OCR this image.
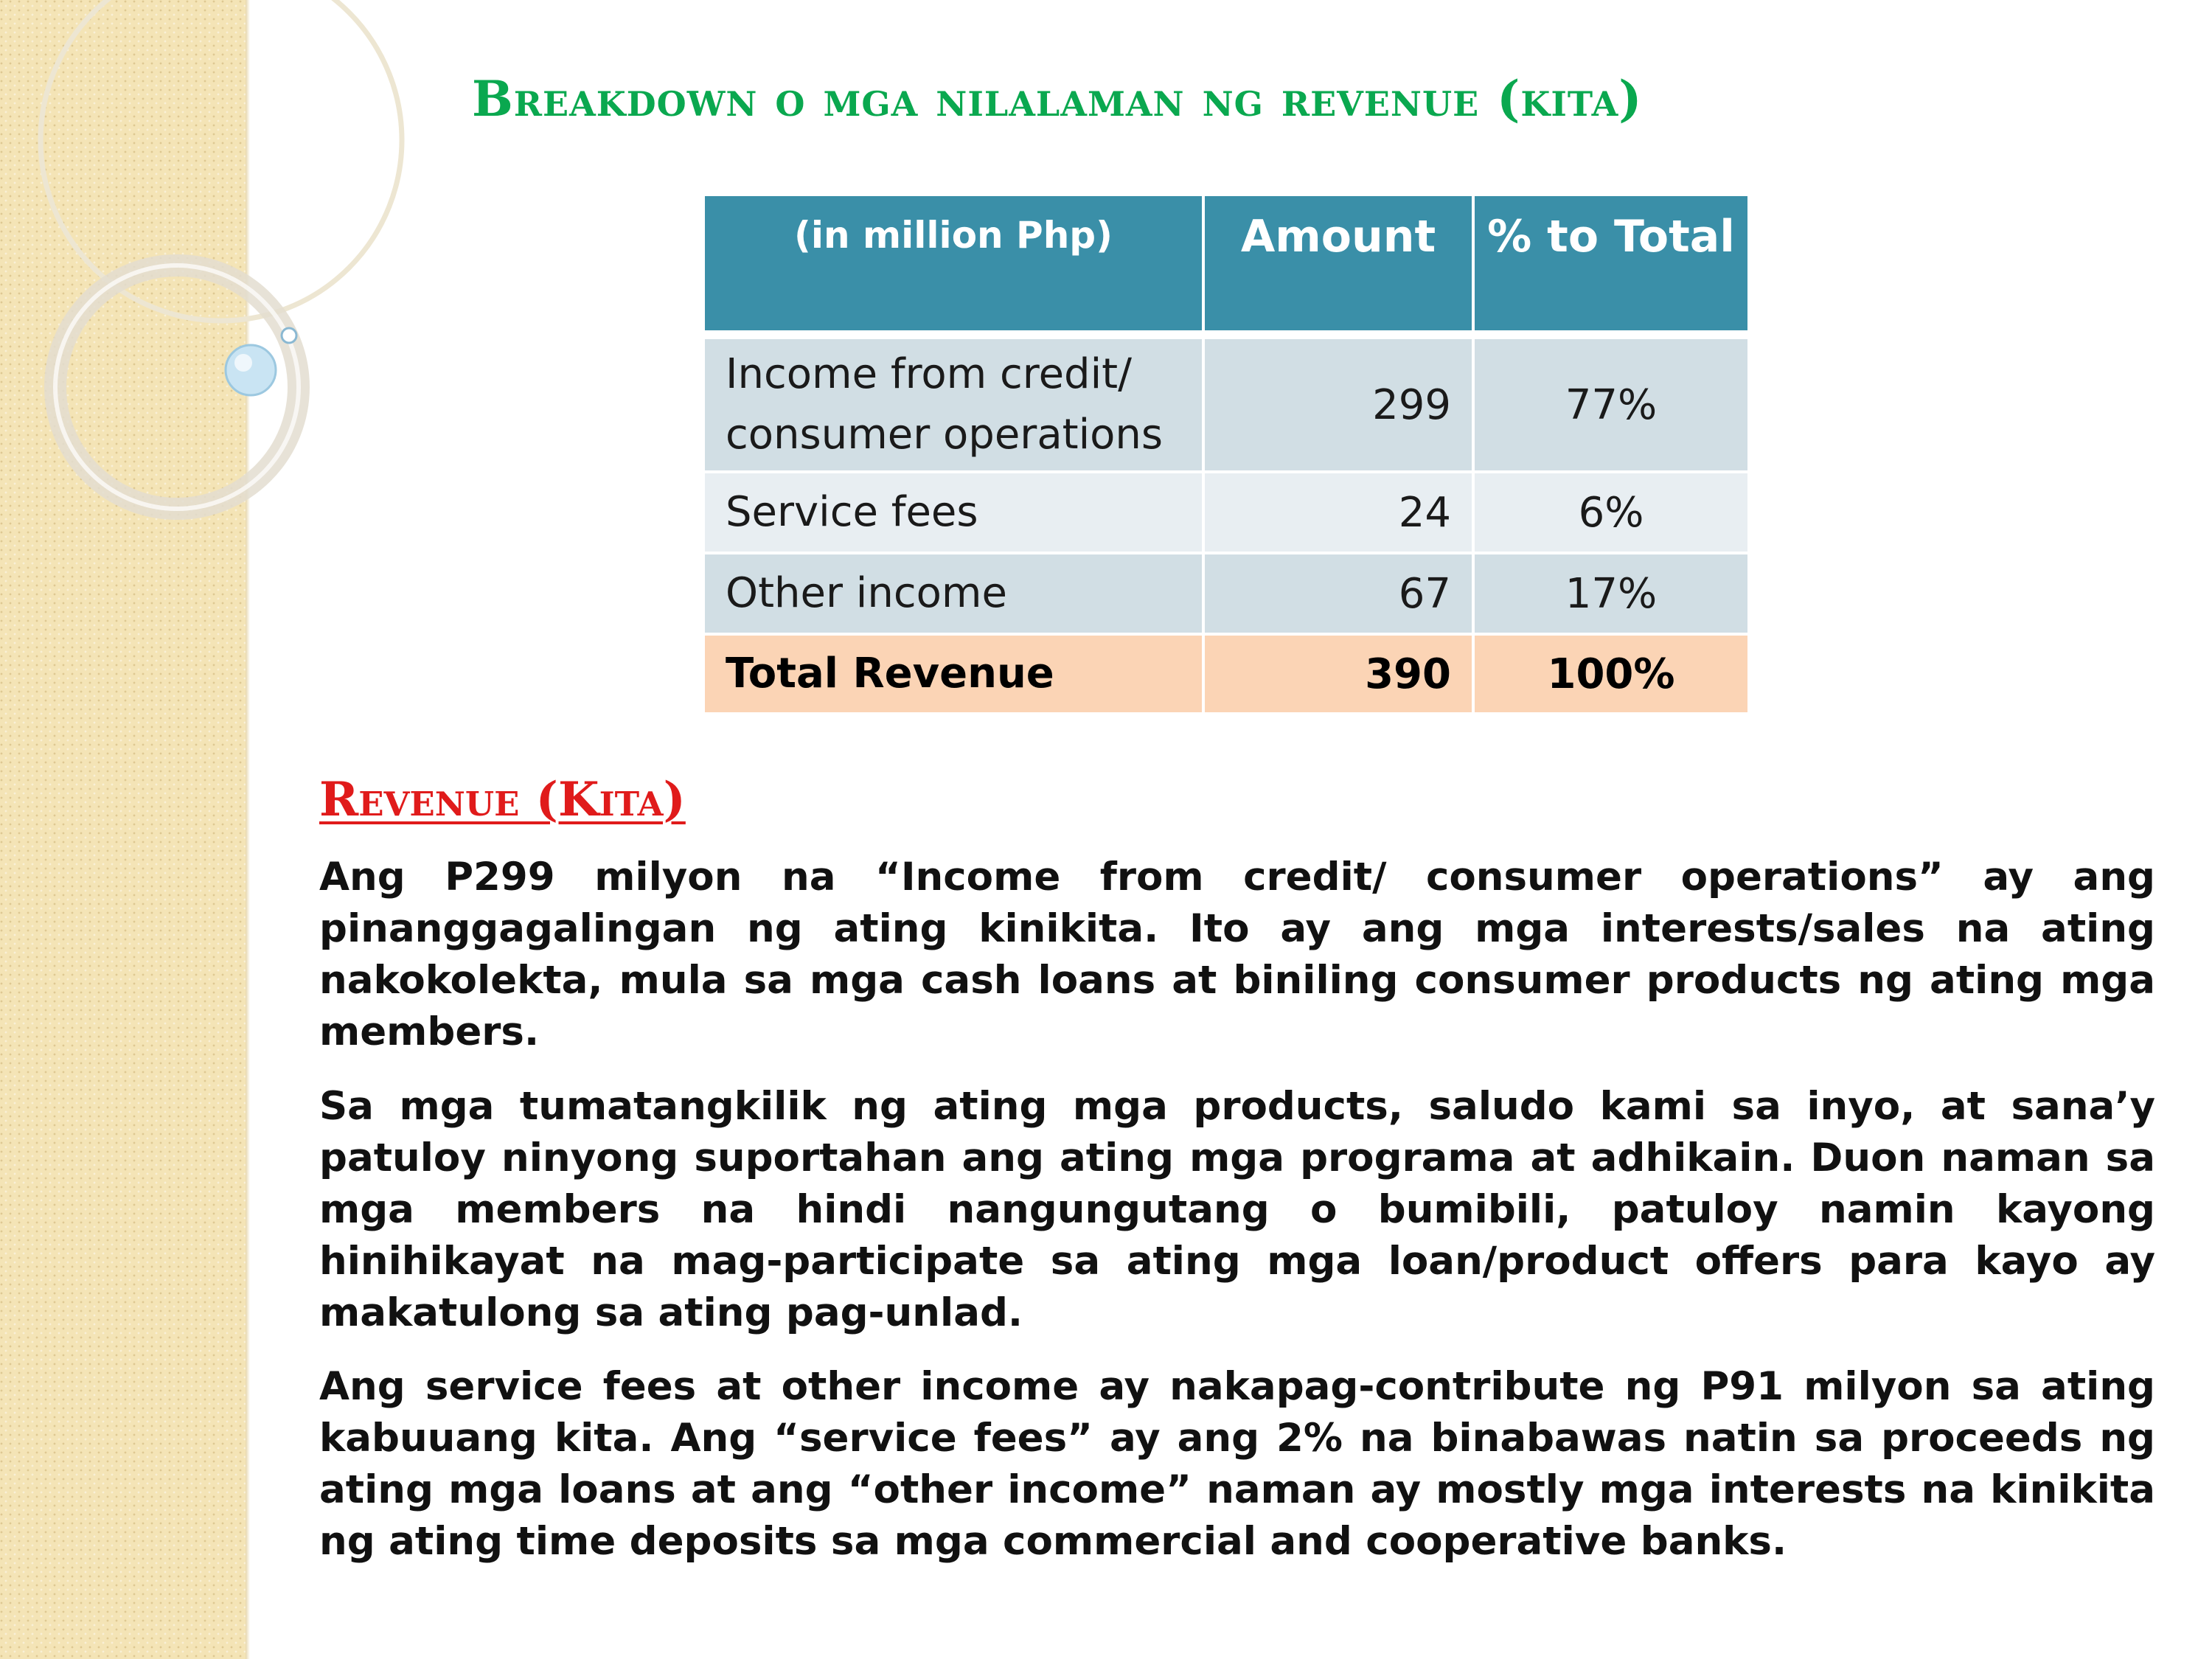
Breakdown o mga nilalaman ng revenue (kita)
(in million Php)	Amount	% to Total

Income from credit/
consumer operations	299	77%
Service fees	24	6%
Other income	67	17%
Total Revenue	390	100%
Revenue (Kita)

Ang P299 milyon na “Income from credit/ consumer operations” ay ang pinanggagalingan ng ating kinikita. Ito ay ang mga interests/sales na ating nakokolekta, mula sa mga cash loans at biniling consumer products ng ating mga members.

Sa mga tumatangkilik ng ating mga products, saludo kami sa inyo, at sana’y patuloy ninyong suportahan ang ating mga programa at adhikain. Duon naman sa mga members na hindi nangungutang o bumibili, patuloy namin kayong hinihikayat na mag-participate sa ating mga loan/product offers para kayo ay makatulong sa ating pag-unlad.

Ang service fees at other income ay nakapag-contribute ng P91 milyon sa ating kabuuang kita. Ang “service fees” ay ang 2% na binabawas natin sa proceeds ng ating mga loans at ang “other income” naman ay mostly mga interests na kinikita ng ating time deposits sa mga commercial and cooperative banks.
